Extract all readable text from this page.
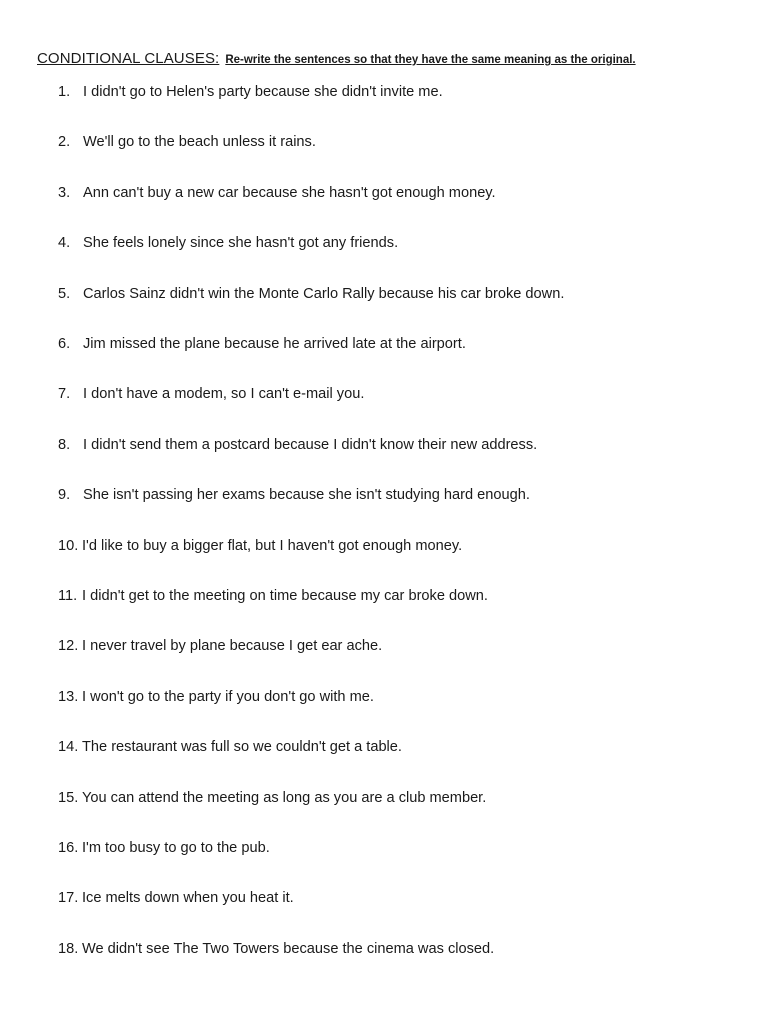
CONDITIONAL CLAUSES: Re-write the sentences so that they have the same meaning as the original.
1. I didn't go to Helen's party because she didn't invite me.
2. We'll go to the beach unless it rains.
3. Ann can't buy a new car because she hasn't got enough money.
4. She feels lonely since she hasn't got any friends.
5. Carlos Sainz didn't win the Monte Carlo Rally because his car broke down.
6. Jim missed the plane because he arrived late at the airport.
7. I don't have a modem, so I can't e-mail you.
8. I didn't send them a postcard because I didn't know their new address.
9. She isn't passing her exams because she isn't studying hard enough.
10. I'd like to buy a bigger flat, but I haven't got enough money.
11. I didn't get to the meeting on time because my car broke down.
12. I never travel by plane because I get ear ache.
13. I won't go to the party if you don't go with me.
14. The restaurant was full so we couldn't get a table.
15. You can attend the meeting as long as you are a club member.
16. I'm too busy to go to the pub.
17. Ice melts down when you heat it.
18. We didn't see The Two Towers because the cinema was closed.
